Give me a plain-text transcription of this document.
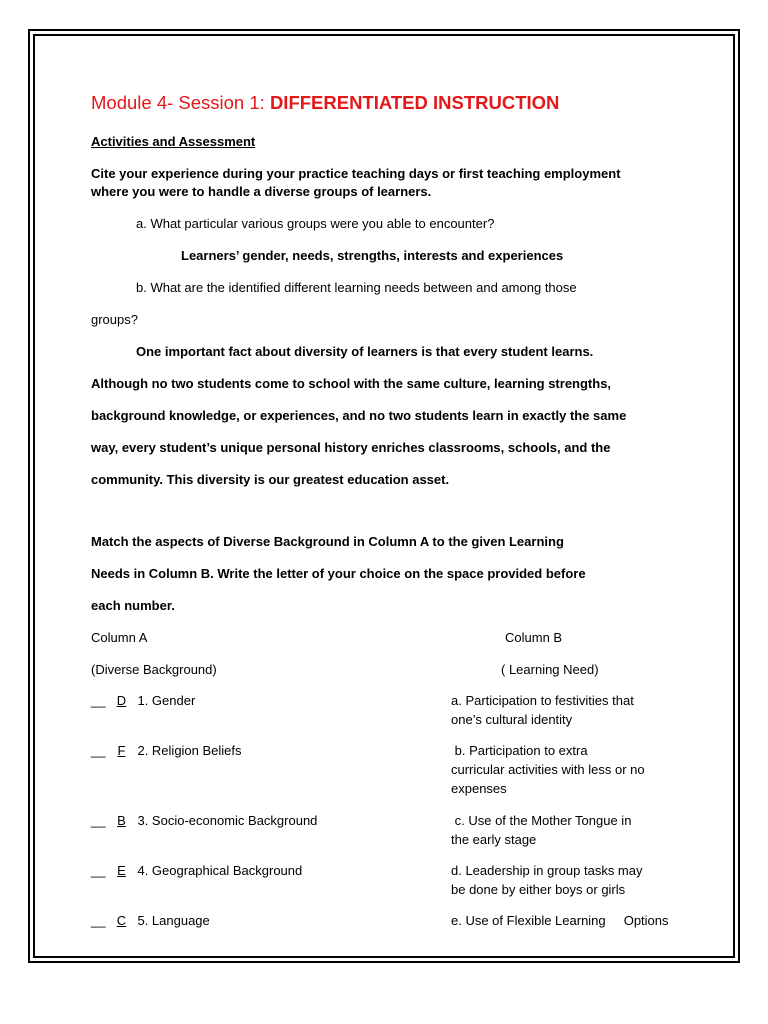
Module 4- Session 1: DIFFERENTIATED INSTRUCTION
Activities and Assessment
Cite your experience during your practice teaching days or first teaching employment
where you were to handle a diverse groups of learners.
a. What particular various groups were you able to encounter?
Learners’ gender, needs, strengths, interests and experiences
b. What are the identified different learning needs between and among those
groups?
One important fact about diversity of learners is that every student learns.
Although no two students come to school with the same culture, learning strengths,
background knowledge, or experiences, and no two students learn in exactly the same
way, every student’s unique personal history enriches classrooms, schools, and the
community. This diversity is our greatest education asset.
Match the aspects of Diverse Background in Column A to the given Learning
Needs in Column B. Write the letter of your choice on the space provided before
each number.
Column A	Column B
(Diverse Background)	( Learning Need)
__ D 1. Gender
__ F 2. Religion Beliefs
__ B 3. Socio-economic Background
__ E 4. Geographical Background
__ C 5. Language
a. Participation to festivities that
one’s cultural identity
b. Participation to extra
curricular activities with less or no
expenses
c. Use of the Mother Tongue in
the early stage
d. Leadership in group tasks may
be done by either boys or girls
e. Use of Flexible Learning     Options
